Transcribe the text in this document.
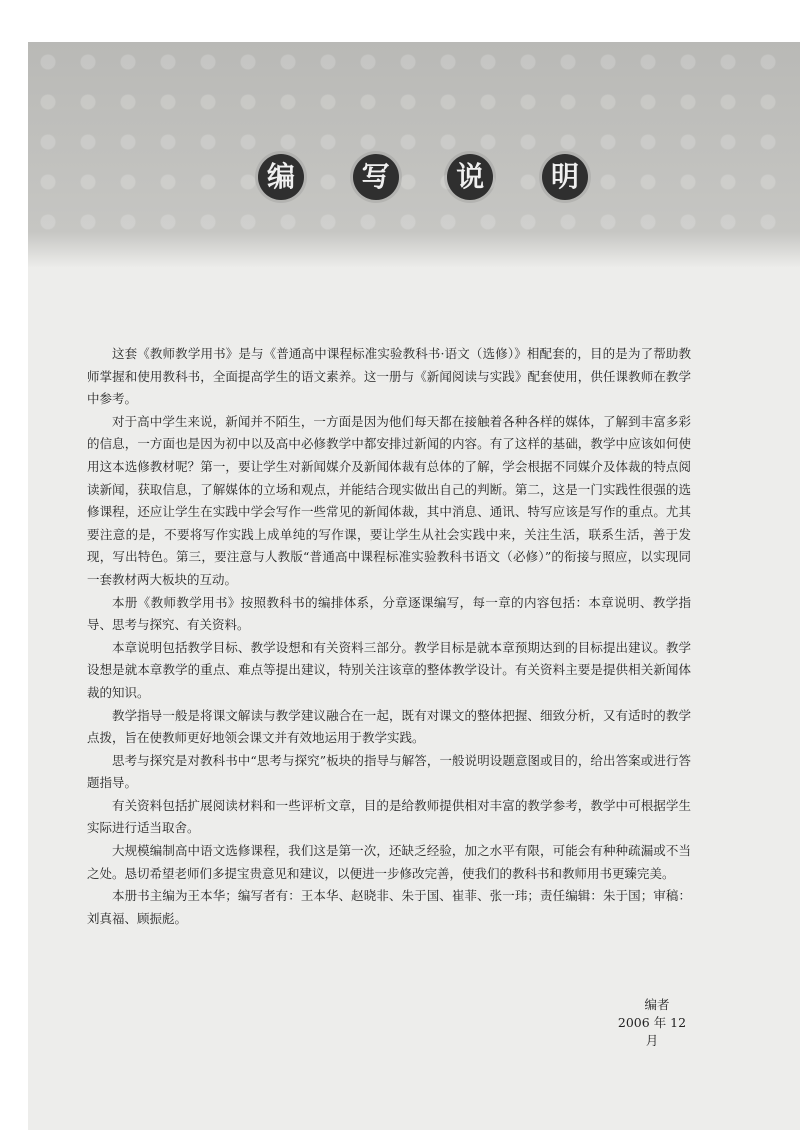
编	写	说	明

这套《教师教学用书》是与《普通高中课程标准实验教科书·语文（选修）》相配套的，目的是为了帮助教师掌握和使用教科书，全面提高学生的语文素养。这一册与《新闻阅读与实践》配套使用，供任课教师在教学中参考。

对于高中学生来说，新闻并不陌生，一方面是因为他们每天都在接触着各种各样的媒体，了解到丰富多彩的信息，一方面也是因为初中以及高中必修教学中都安排过新闻的内容。有了这样的基础，教学中应该如何使用这本选修教材呢？第一，要让学生对新闻媒介及新闻体裁有总体的了解，学会根据不同媒介及体裁的特点阅读新闻，获取信息，了解媒体的立场和观点，并能结合现实做出自己的判断。第二，这是一门实践性很强的选修课程，还应让学生在实践中学会写作一些常见的新闻体裁，其中消息、通讯、特写应该是写作的重点。尤其要注意的是，不要将写作实践上成单纯的写作课，要让学生从社会实践中来，关注生活，联系生活，善于发现，写出特色。第三，要注意与人教版“普通高中课程标准实验教科书语文（必修）”的衔接与照应，以实现同一套教材两大板块的互动。

本册《教师教学用书》按照教科书的编排体系，分章逐课编写，每一章的内容包括：本章说明、教学指导、思考与探究、有关资料。

本章说明包括教学目标、教学设想和有关资料三部分。教学目标是就本章预期达到的目标提出建议。教学设想是就本章教学的重点、难点等提出建议，特别关注该章的整体教学设计。有关资料主要是提供相关新闻体裁的知识。

教学指导一般是将课文解读与教学建议融合在一起，既有对课文的整体把握、细致分析，又有适时的教学点拨，旨在使教师更好地领会课文并有效地运用于教学实践。

思考与探究是对教科书中“思考与探究”板块的指导与解答，一般说明设题意图或目的，给出答案或进行答题指导。

有关资料包括扩展阅读材料和一些评析文章，目的是给教师提供相对丰富的教学参考，教学中可根据学生实际进行适当取舍。

大规模编制高中语文选修课程，我们这是第一次，还缺乏经验，加之水平有限，可能会有种种疏漏或不当之处。恳切希望老师们多提宝贵意见和建议，以便进一步修改完善，使我们的教科书和教师用书更臻完美。

本册书主编为王本华；编写者有：王本华、赵晓非、朱于国、崔菲、张一玮；责任编辑：朱于国；审稿：刘真福、顾振彪。

编者
2006 年 12 月
